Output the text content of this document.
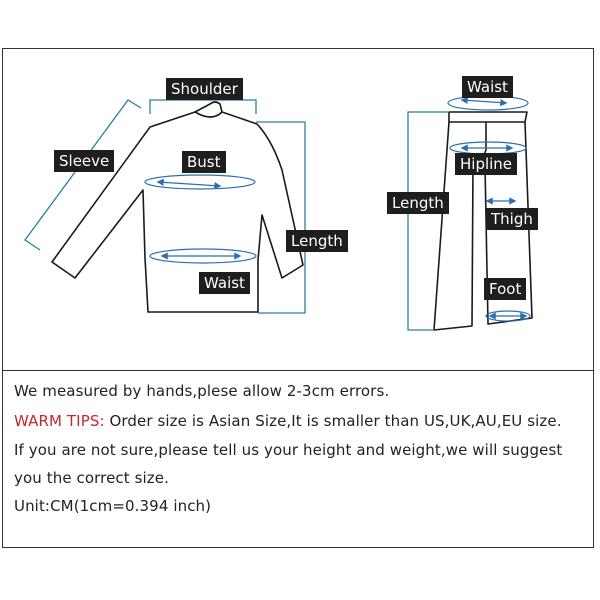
Shoulder
Sleeve	Bust
Length
Waist
Waist
Hipline
Length
Thigh
Foot
We measured by hands,plese allow 2-3cm errors.
WARM TIPS: Order size is Asian Size,It is smaller than US,UK,AU,EU size.
If you are not sure,please tell us your height and weight,we will suggest
you the correct size.
Unit:CM(1cm=0.394 inch)
